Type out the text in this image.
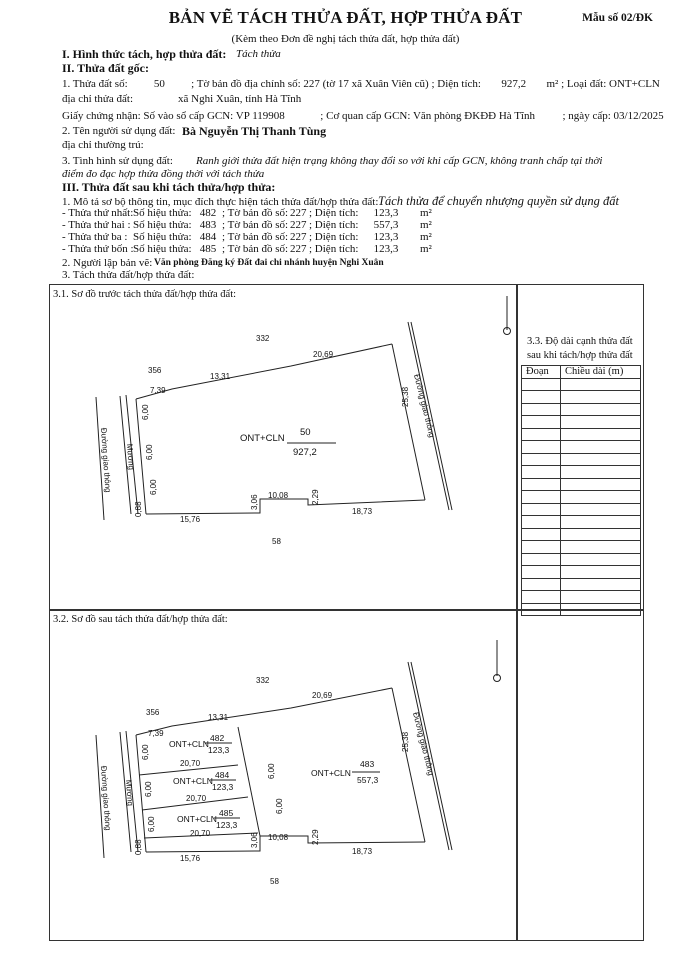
BẢN VẼ TÁCH THỬA ĐẤT, HỢP THỬA ĐẤT	Mẫu số 02/ĐK
(Kèm theo Đơn đề nghị tách thửa đất, hợp thửa đất)
I. Hình thức tách, hợp thửa đất: Tách thửa
II. Thửa đất gốc:
1. Thửa đất số: 50 ; Tờ bản đồ địa chính số: 227 (tờ 17 xã Xuân Viên cũ) ; Diện tích: 927,2 m² ; Loại đất: ONT+CLN
địa chỉ thửa đất:	xã Nghi Xuân, tỉnh Hà Tĩnh
Giấy chứng nhận: Số vào sổ cấp GCN: VP 119908	; Cơ quan cấp GCN: Văn phòng ĐKĐĐ Hà Tĩnh	; ngày cấp: 03/12/2025
2. Tên người sử dụng đất: Bà Nguyễn Thị Thanh Tùng
địa chỉ thường trú:
3. Tình hình sử dụng đất: Ranh giới thửa đất hiện trạng không thay đổi so với khi cấp GCN, không tranh chấp tại thời
điểm đo đạc hợp thửa đồng thời với tách thửa
III. Thửa đất sau khi tách thửa/hợp thửa:
1. Mô tả sơ bộ thông tin, mục đích thực hiện tách thửa đất/hợp thửa đất: Tách thửa để chuyển nhượng quyền sử dụng đất
- Thửa thứ nhất: Số hiệu thửa: 482 ; Tờ bản đồ số: 227 ; Diện tích:	123,3	m²
- Thửa thứ hai : Số hiệu thửa: 483 ; Tờ bản đồ số: 227 ; Diện tích:	557,3	m²
- Thửa thứ ba : Số hiệu thửa: 484 ; Tờ bản đồ số: 227 ; Diện tích:	123,3	m²
- Thửa thứ bốn : Số hiệu thửa: 485 ; Tờ bản đồ số: 227 ; Diện tích:	123,3	m²
2. Người lập bản vẽ: Văn phòng Đăng ký Đất đai chi nhánh huyện Nghi Xuân
3. Tách thửa đất/hợp thửa đất:
3.1. Sơ đồ trước tách thửa đất/hợp thửa đất:
3.2. Sơ đồ sau tách thửa đất/hợp thửa đất:
3.3. Độ dài cạnh thửa đất
sau khi tách/hợp thửa đất
Đoạn	Chiều dài (m)

332
356
58
20,69
13,31
7,39
15,76
10,08
18,73
0,88
6,00
6,00
6,00
3,06	2,29
25,38 Đường giao thông
Đường giao thông Mương
ONT+CLN
50
927,2
332
356
58
20,69
13,31
7,39
20,70
20,70
20,70
15,76
10,08
18,73
0,88
6,00
6,00
6,00
6,00
6,00
3,06	2,29
25,38 Đường giao thông
Đường giao thông Mương
ONT+CLN
482
123,3
ONT+CLN
484
123,3
ONT+CLN
485
123,3
ONT+CLN
483
557,3
